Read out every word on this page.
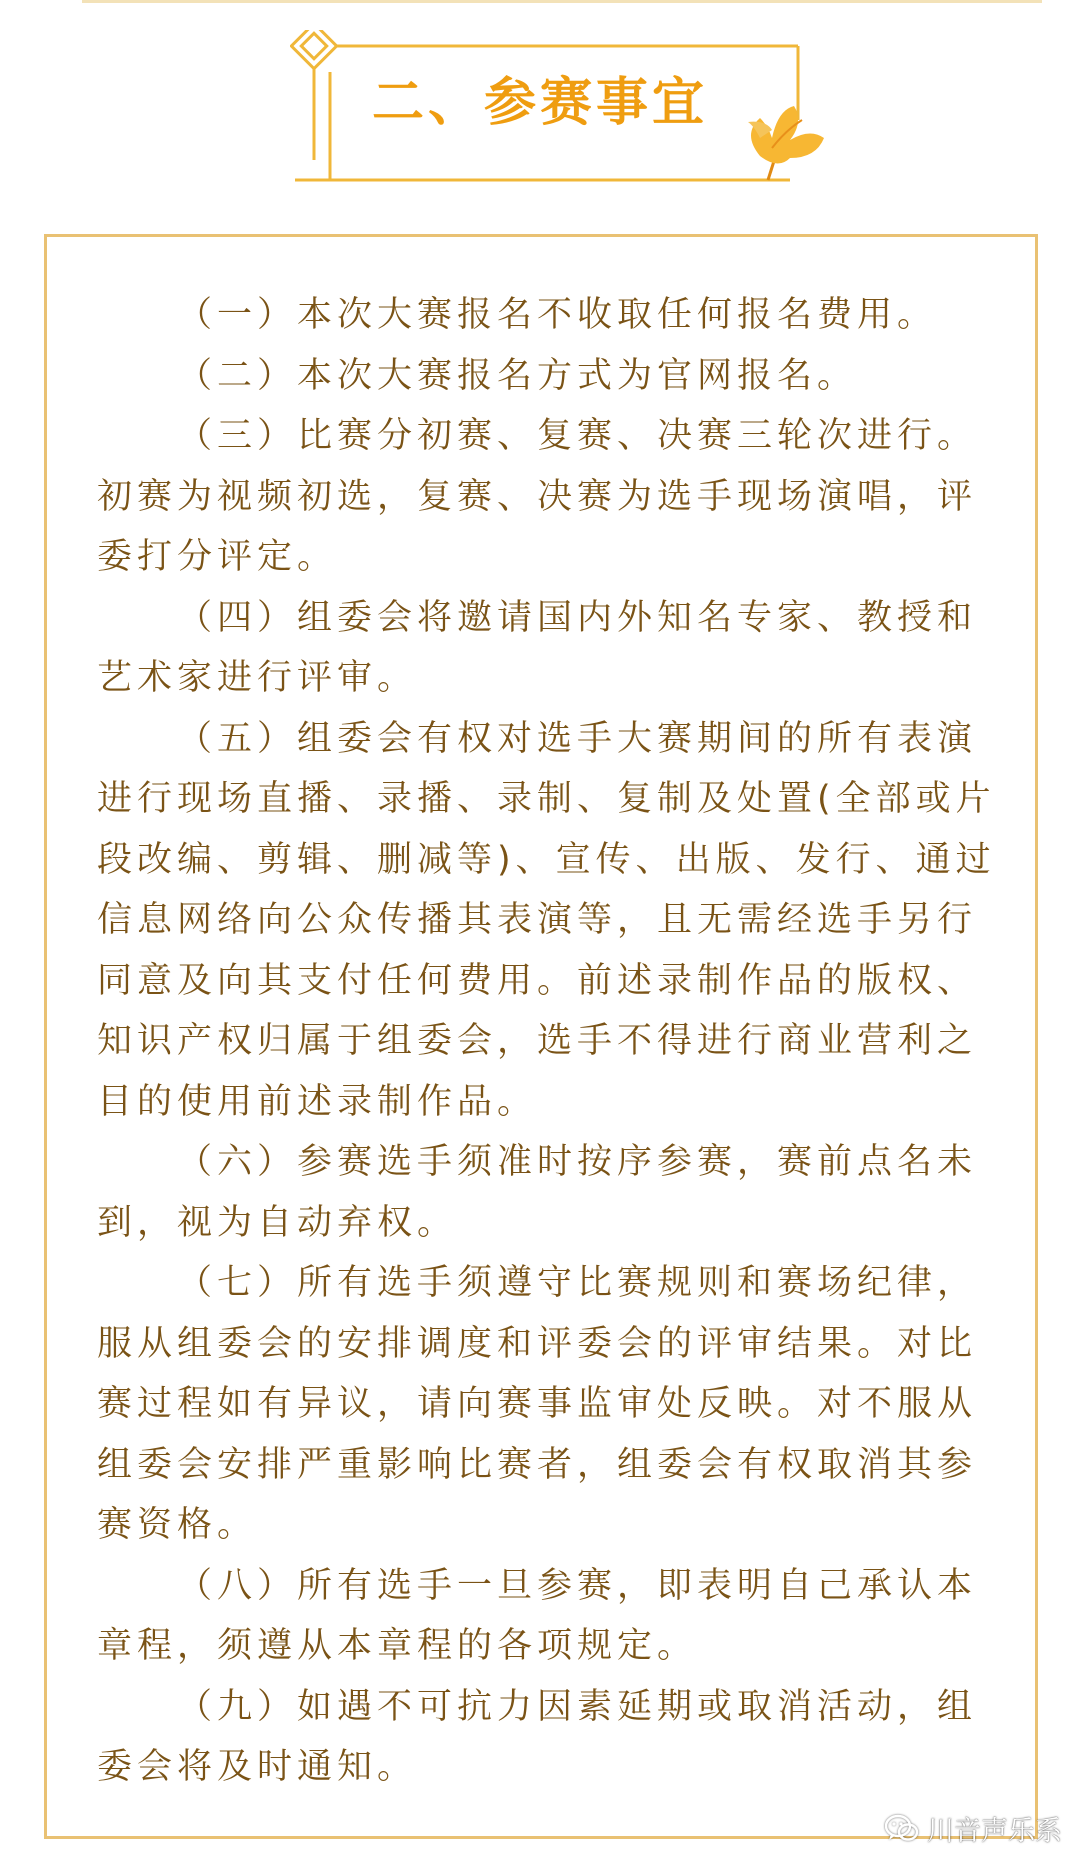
二、参赛事宜

（一）本次大赛报名不收取任何报名费用。

（二）本次大赛报名方式为官网报名。

（三）比赛分初赛、复赛、决赛三轮次进行。初赛为视频初选，复赛、决赛为选手现场演唱，评委打分评定。

（四）组委会将邀请国内外知名专家、教授和艺术家进行评审。

（五）组委会有权对选手大赛期间的所有表演进行现场直播、录播、录制、复制及处置(全部或片段改编、剪辑、删减等)、宣传、出版、发行、通过信息网络向公众传播其表演等，且无需经选手另行同意及向其支付任何费用。前述录制作品的版权、知识产权归属于组委会，选手不得进行商业营利之目的使用前述录制作品。

（六）参赛选手须准时按序参赛，赛前点名未到，视为自动弃权。

（七）所有选手须遵守比赛规则和赛场纪律，服从组委会的安排调度和评委会的评审结果。对比赛过程如有异议，请向赛事监审处反映。对不服从组委会安排严重影响比赛者，组委会有权取消其参赛资格。

（八）所有选手一旦参赛，即表明自己承认本章程，须遵从本章程的各项规定。

（九）如遇不可抗力因素延期或取消活动，组委会将及时通知。

川音声乐系
